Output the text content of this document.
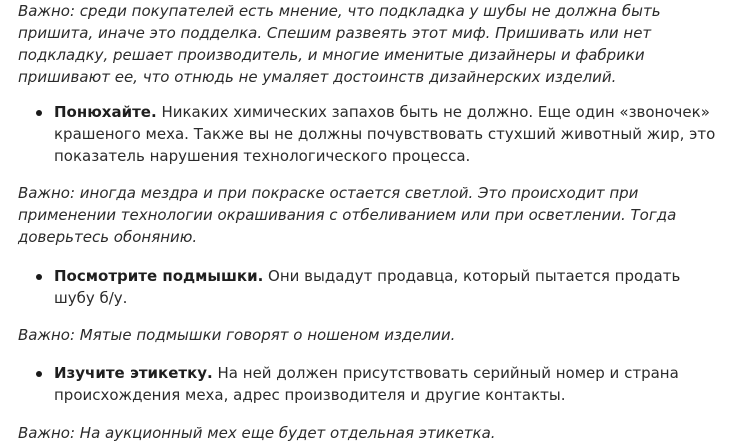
Важно: среди покупателей есть мнение, что подкладка у шубы не должна быть пришита, иначе это подделка. Спешим развеять этот миф. Пришивать или нет подкладку, решает производитель, и многие именитые дизайнеры и фабрики пришивают ее, что отнюдь не умаляет достоинств дизайнерских изделий.

Понюхайте. Никаких химических запахов быть не должно. Еще один «звоночек» крашеного меха. Также вы не должны почувствовать стухший животный жир, это показатель нарушения технологического процесса.

Важно: иногда мездра и при покраске остается светлой. Это происходит при применении технологии окрашивания с отбеливанием или при осветлении. Тогда доверьтесь обонянию.

Посмотрите подмышки. Они выдадут продавца, который пытается продать шубу б/у.

Важно: Мятые подмышки говорят о ношеном изделии.

Изучите этикетку. На ней должен присутствовать серийный номер и страна происхождения меха, адрес производителя и другие контакты.

Важно: На аукционный мех еще будет отдельная этикетка.
